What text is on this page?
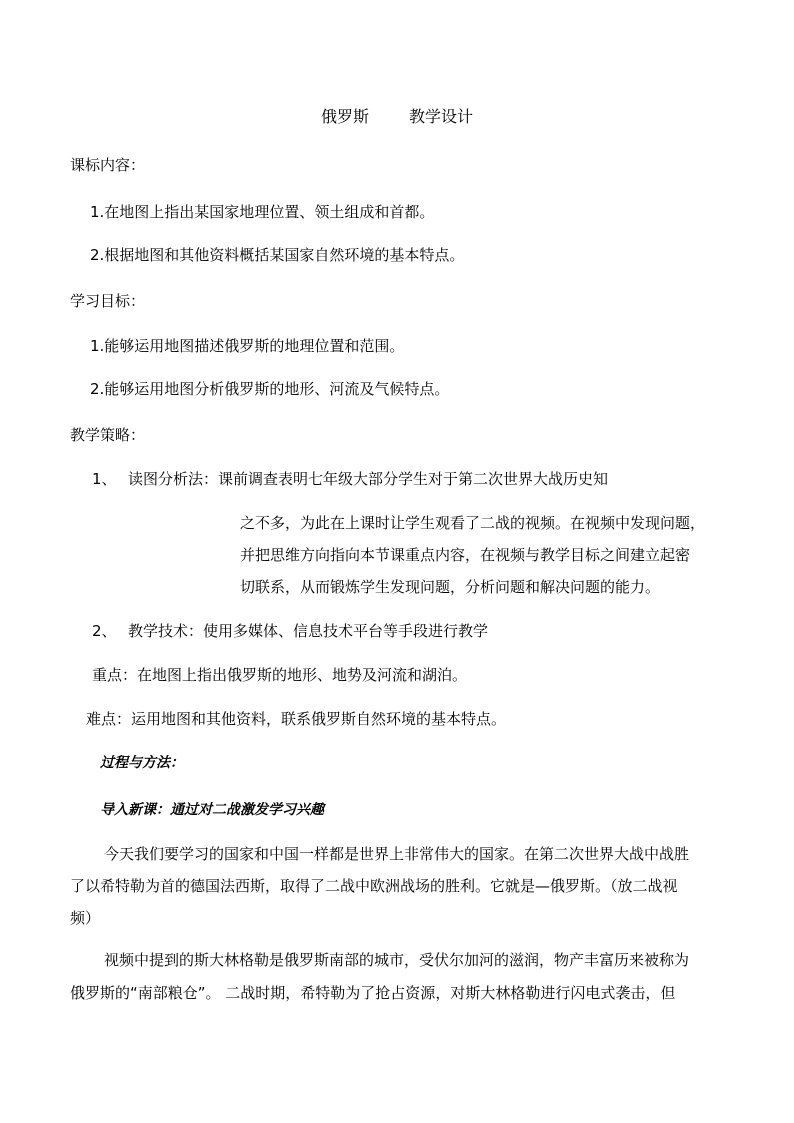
俄罗斯	教学设计
课标内容：
1.在地图上指出某国家地理位置、领土组成和首都。
2.根据地图和其他资料概括某国家自然环境的基本特点。
学习目标：
1.能够运用地图描述俄罗斯的地理位置和范围。
2.能够运用地图分析俄罗斯的地形、河流及气候特点。
教学策略：
1、 读图分析法：课前调查表明七年级大部分学生对于第二次世界大战历史知
之不多，为此在上课时让学生观看了二战的视频。在视频中发现问题，
并把思维方向指向本节课重点内容，在视频与教学目标之间建立起密
切联系，从而锻炼学生发现问题，分析问题和解决问题的能力。
2、 教学技术：使用多媒体、信息技术平台等手段进行教学
重点：在地图上指出俄罗斯的地形、地势及河流和湖泊。
难点：运用地图和其他资料，联系俄罗斯自然环境的基本特点。
过程与方法：
导入新课：通过对二战激发学习兴趣
今天我们要学习的国家和中国一样都是世界上非常伟大的国家。在第二次世界大战中战胜
了以希特勒为首的德国法西斯，取得了二战中欧洲战场的胜利。它就是—俄罗斯。（放二战视
频）
视频中提到的斯大林格勒是俄罗斯南部的城市，受伏尔加河的滋润，物产丰富历来被称为
俄罗斯的“南部粮仓”。 二战时期，希特勒为了抢占资源，对斯大林格勒进行闪电式袭击，但
